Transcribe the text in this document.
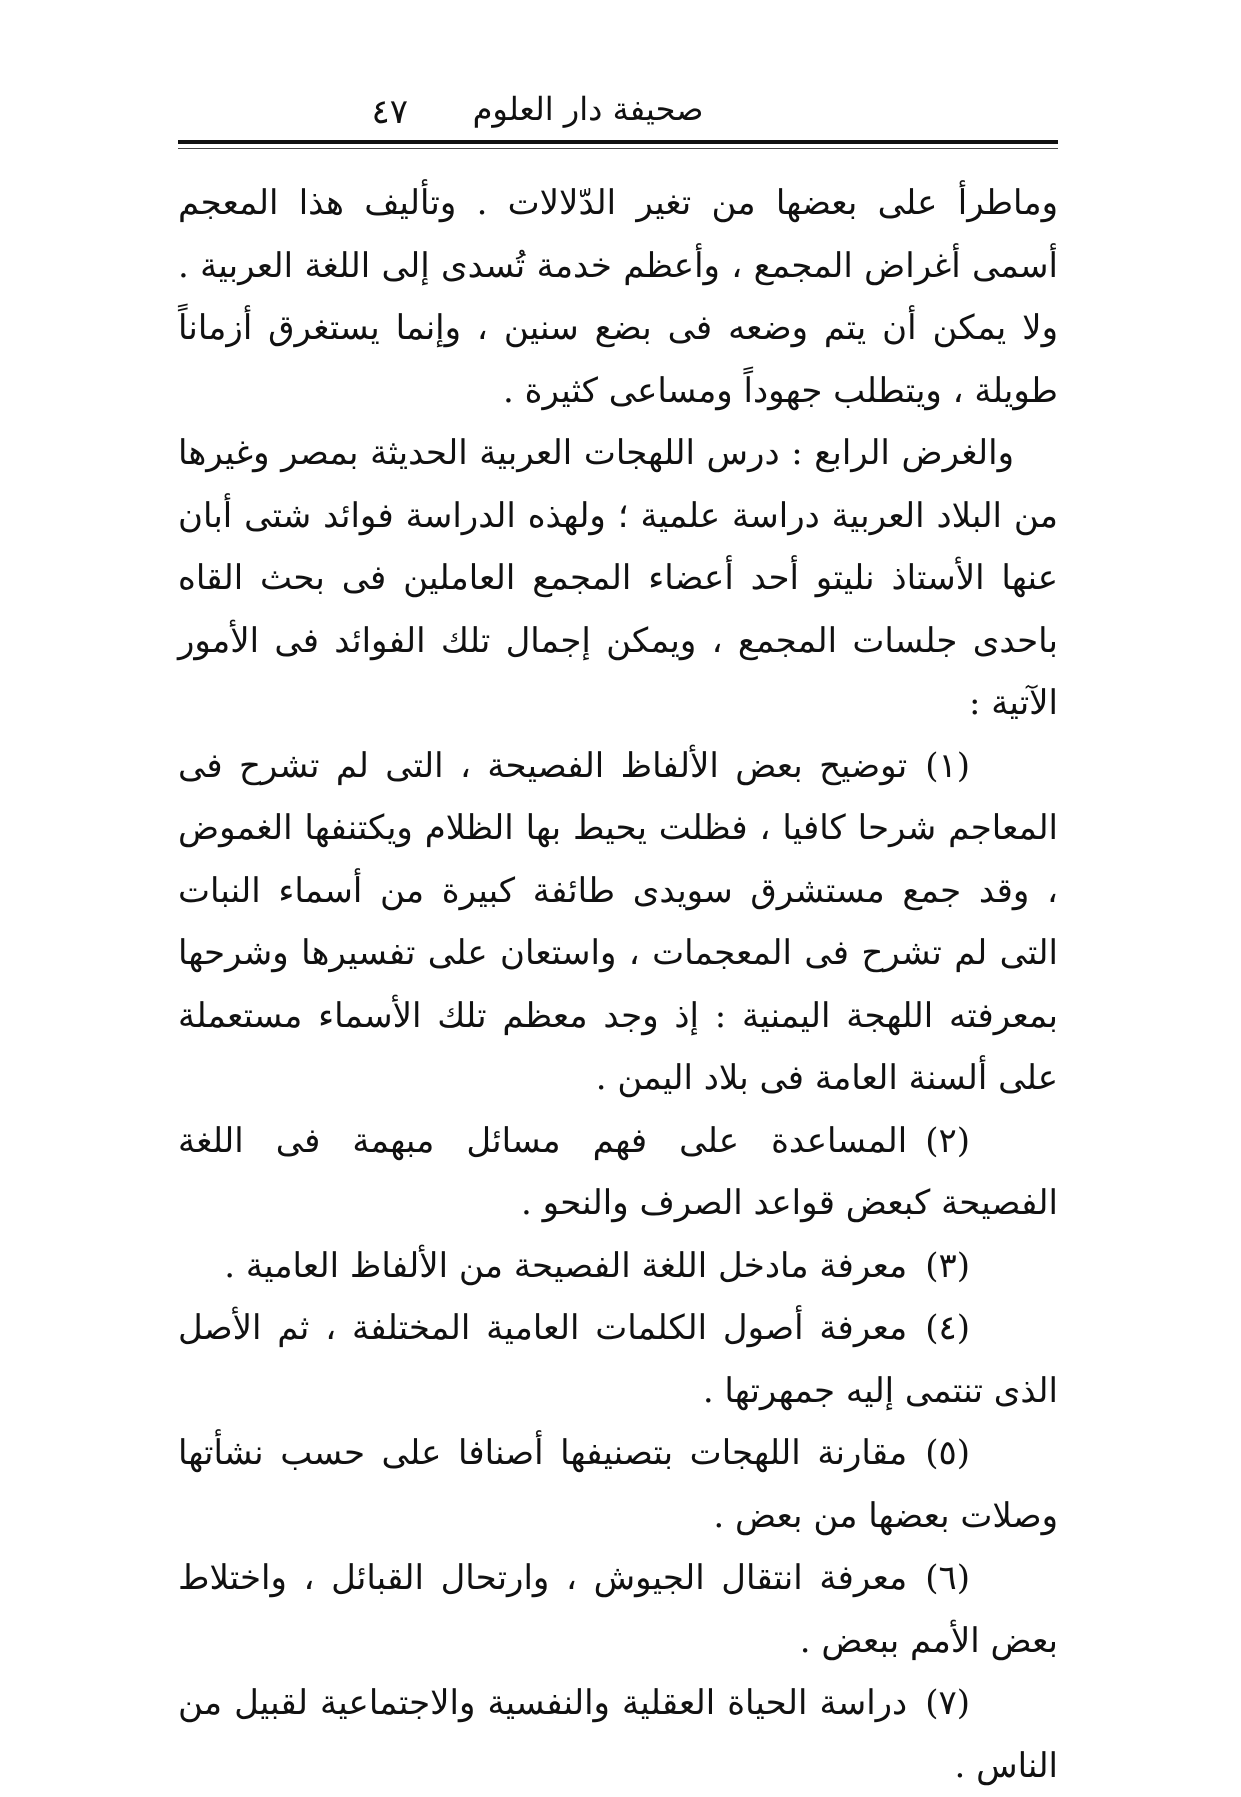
صحيفة دار العلوم
٤٧

وماطرأ على بعضها من تغير الدّلالات . وتأليف هذا المعجم أسمى أغراض المجمع ، وأعظم خدمة تُسدى إلى اللغة العربية . ولا يمكن أن يتم وضعه فى بضع سنين ، وإنما يستغرق أزماناً طويلة ، ويتطلب جهوداً ومساعى كثيرة .

والغرض الرابع : درس اللهجات العربية الحديثة بمصر وغيرها من البلاد العربية دراسة علمية ؛ ولهذه الدراسة فوائد شتى أبان عنها الأستاذ نليتو أحد أعضاء المجمع العاملين فى بحث القاه باحدى جلسات المجمع ، ويمكن إجمال تلك الفوائد فى الأمور الآتية :

(١)توضيح بعض الألفاظ الفصيحة ، التى لم تشرح فى المعاجم شرحا كافيا ، فظلت يحيط بها الظلام ويكتنفها الغموض ، وقد جمع مستشرق سويدى طائفة كبيرة من أسماء النبات التى لم تشرح فى المعجمات ، واستعان على تفسيرها وشرحها بمعرفته اللهجة اليمنية : إذ وجد معظم تلك الأسماء مستعملة على ألسنة العامة فى بلاد اليمن .

(٢)المساعدة على فهم مسائل مبهمة فى اللغة الفصيحة كبعض قواعد الصرف والنحو .

(٣)معرفة مادخل اللغة الفصيحة من الألفاظ العامية .

(٤)معرفة أصول الكلمات العامية المختلفة ، ثم الأصل الذى تنتمى إليه جمهرتها .

(٥)مقارنة اللهجات بتصنيفها أصنافا على حسب نشأتها وصلات بعضها من بعض .

(٦)معرفة انتقال الجيوش ، وارتحال القبائل ، واختلاط بعض الأمم ببعض .

(٧)دراسة الحياة العقلية والنفسية والاجتماعية لقبيل من الناس .
